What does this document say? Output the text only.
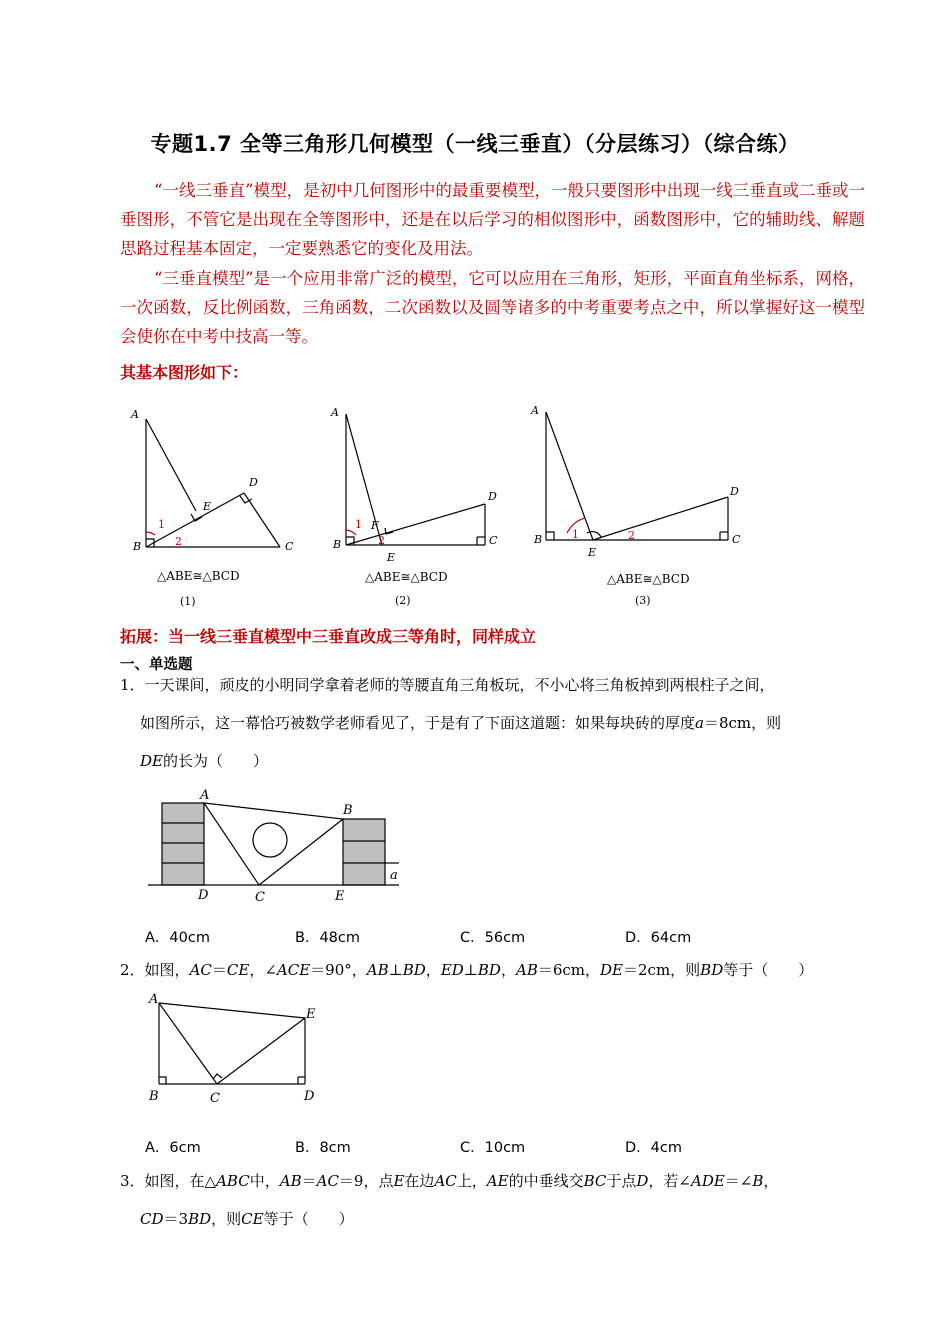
专题1.7 全等三角形几何模型（一线三垂直）（分层练习）（综合练）
“一线三垂直”模型，是初中几何图形中的最重要模型，一般只要图形中出现一线三垂直或二垂或一垂图形，不管它是出现在全等图形中，还是在以后学习的相似图形中，函数图形中，它的辅助线、解题思路过程基本固定，一定要熟悉它的变化及用法。
“三垂直模型”是一个应用非常广泛的模型，它可以应用在三角形，矩形，平面直角坐标系，网格，一次函数，反比例函数，三角函数，二次函数以及圆等诸多的中考重要考点之中，所以掌握好这一模型会使你在中考中技高一等。
其基本图形如下：
A
B	C
D
E
1
2
△ABE≅△BCD
(1)
A
B	C
D
E
F
1
2
△ABE≅△BCD
(2)
A
B	C
D
E
1	2
△ABE≅△BCD
(3)
拓展：当一线三垂直模型中三垂直改成三等角时，同样成立
一、单选题
1．一天课间，顽皮的小明同学拿着老师的等腰直角三角板玩，不小心将三角板掉到两根柱子之间，
如图所示，这一幕恰巧被数学老师看见了，于是有了下面这道题：如果每块砖的厚度a＝8cm，则
DE的长为（　　）
A
B
C
D	E
a
A．40cm	B．48cm	C．56cm	D．64cm
2．如图，AC＝CE，∠ACE＝90°，AB⊥BD，ED⊥BD，AB＝6cm，DE＝2cm，则BD等于（　　）
A
B	C	D
E
A．6cm	B．8cm	C．10cm	D．4cm
3．如图，在△ABC中，AB＝AC＝9，点E在边AC上，AE的中垂线交BC于点D，若∠ADE＝∠B，
CD＝3BD，则CE等于（　　）
